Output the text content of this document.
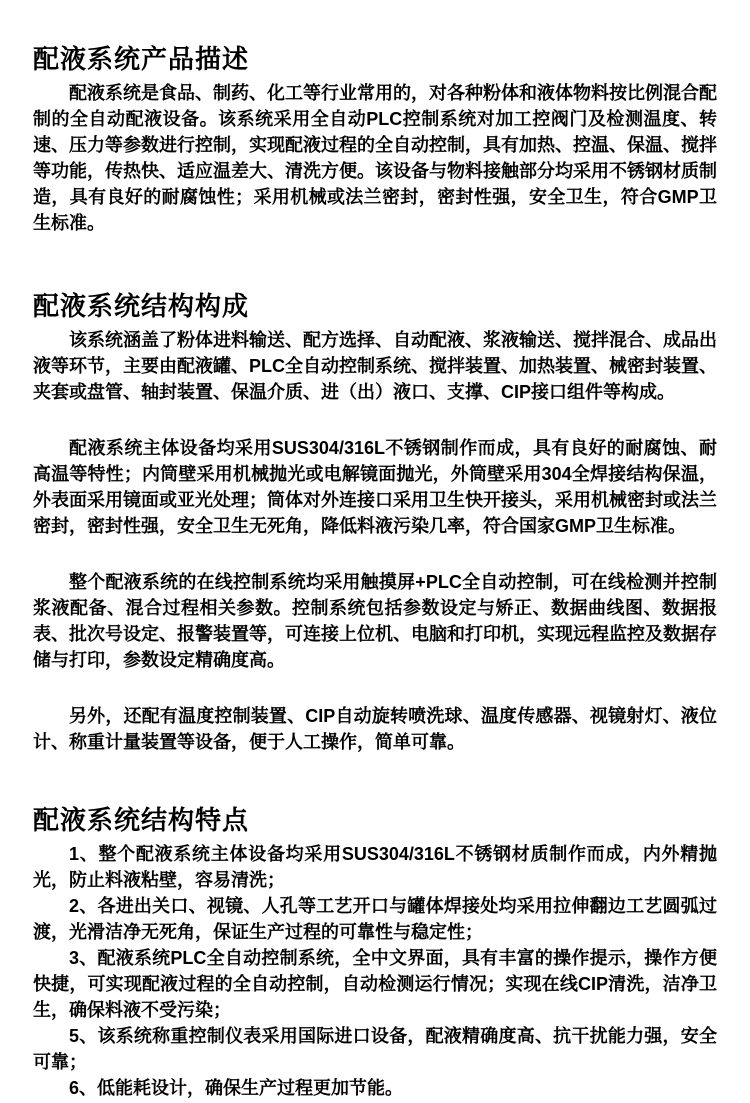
配液系统产品描述

配液系统是食品、制药、化工等行业常用的，对各种粉体和液体物料按比例混合配制的全自动配液设备。该系统采用全自动PLC控制系统对加工控阀门及检测温度、转速、压力等参数进行控制，实现配液过程的全自动控制，具有加热、控温、保温、搅拌等功能，传热快、适应温差大、清洗方便。该设备与物料接触部分均采用不锈钢材质制造，具有良好的耐腐蚀性；采用机械或法兰密封，密封性强，安全卫生，符合GMP卫生标准。

配液系统结构构成

该系统涵盖了粉体进料输送、配方选择、自动配液、浆液输送、搅拌混合、成品出液等环节，主要由配液罐、PLC全自动控制系统、搅拌装置、加热装置、械密封装置、夹套或盘管、轴封装置、保温介质、进（出）液口、支撑、CIP接口组件等构成。

配液系统主体设备均采用SUS304/316L不锈钢制作而成，具有良好的耐腐蚀、耐高温等特性；内筒壁采用机械抛光或电解镜面抛光，外筒壁采用304全焊接结构保温，外表面采用镜面或亚光处理；筒体对外连接口采用卫生快开接头，采用机械密封或法兰密封，密封性强，安全卫生无死角，降低料液污染几率，符合国家GMP卫生标准。

整个配液系统的在线控制系统均采用触摸屏+PLC全自动控制，可在线检测并控制浆液配备、混合过程相关参数。控制系统包括参数设定与矫正、数据曲线图、数据报表、批次号设定、报警装置等，可连接上位机、电脑和打印机，实现远程监控及数据存储与打印，参数设定精确度高。

另外，还配有温度控制装置、CIP自动旋转喷洗球、温度传感器、视镜射灯、液位计、称重计量装置等设备，便于人工操作，简单可靠。

配液系统结构特点

1、整个配液系统主体设备均采用SUS304/316L不锈钢材质制作而成，内外精抛光，防止料液粘壁，容易清洗；

2、各进出关口、视镜、人孔等工艺开口与罐体焊接处均采用拉伸翻边工艺圆弧过渡，光滑洁净无死角，保证生产过程的可靠性与稳定性；

3、配液系统PLC全自动控制系统，全中文界面，具有丰富的操作提示，操作方便快捷，可实现配液过程的全自动控制，自动检测运行情况；实现在线CIP清洗，洁净卫生，确保料液不受污染；

5、该系统称重控制仪表采用国际进口设备，配液精确度高、抗干扰能力强，安全可靠；

6、低能耗设计，确保生产过程更加节能。
